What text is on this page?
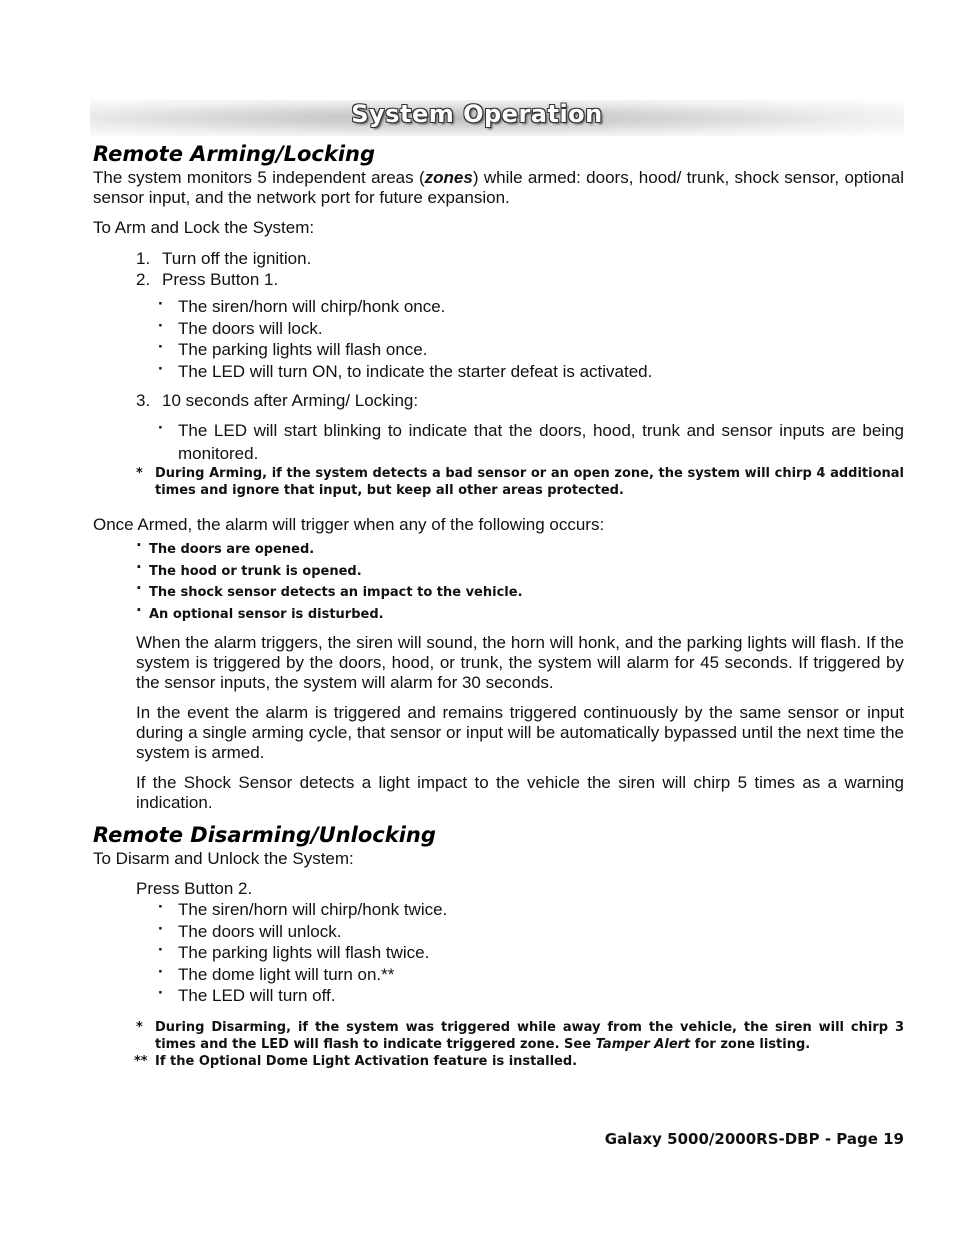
System Operation
Remote Arming/Locking

The system monitors 5 independent areas (zones) while armed: doors, hood/ trunk, shock sensor, optional sensor input, and the network port for future expansion.

To Arm and Lock the System:

1. Turn off the ignition.
2. Press Button 1.
· The siren/horn will chirp/honk once.
· The doors will lock.
· The parking lights will flash once.
· The LED will turn ON, to indicate the starter defeat is activated.
3. 10 seconds after Arming/ Locking:
· The LED will start blinking to indicate that the doors, hood, trunk and sensor inputs are being monitored.
* During Arming, if the system detects a bad sensor or an open zone, the system will chirp 4 additional times and ignore that input, but keep all other areas protected.

Once Armed, the alarm will trigger when any of the following occurs:

· The doors are opened.
· The hood or trunk is opened.
· The shock sensor detects an impact to the vehicle.
· An optional sensor is disturbed.

When the alarm triggers, the siren will sound, the horn will honk, and the parking lights will flash. If the system is triggered by the doors, hood, or trunk, the system will alarm for 45 seconds. If triggered by the sensor inputs, the system will alarm for 30 seconds.

In the event the alarm is triggered and remains triggered continuously by the same sensor or input during a single arming cycle, that sensor or input will be automatically bypassed until the next time the system is armed.

If the Shock Sensor detects a light impact to the vehicle the siren will chirp 5 times as a warning indication.

Remote Disarming/Unlocking

To Disarm and Unlock the System:

Press Button 2.

· The siren/horn will chirp/honk twice.
· The doors will unlock.
· The parking lights will flash twice.
· The dome light will turn on.**
· The LED will turn off.
* During Disarming, if the system was triggered while away from the vehicle, the siren will chirp 3 times and the LED will flash to indicate triggered zone. See Tamper Alert for zone listing.
** If the Optional Dome Light Activation feature is installed.
Galaxy 5000/2000RS-DBP - Page 19
